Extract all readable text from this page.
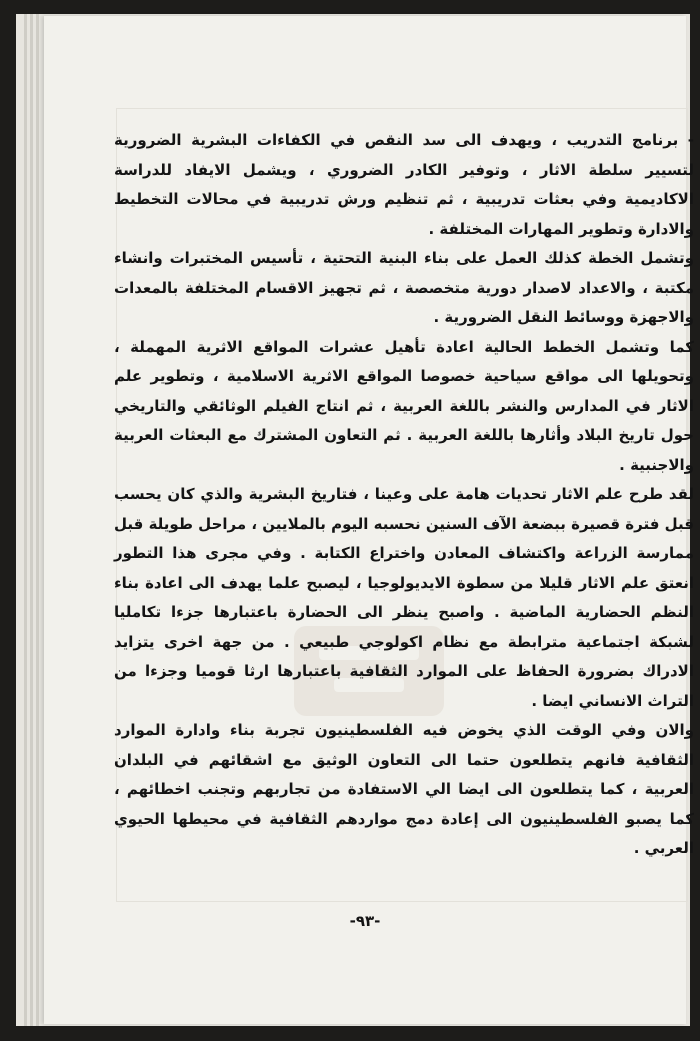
- برنامج التدريب ، ويهدف الى سد النقص في الكفاءات البشرية الضرورية لتسيير سلطة الاثار ، وتوفير الكادر الضروري ، ويشمل الايفاد للدراسة الاكاديمية وفي بعثات تدريبية ، ثم تنظيم ورش تدريبية في محالات التخطيط والادارة وتطوير المهارات المختلفة .

وتشمل الخطة كذلك العمل على بناء البنية التحتية ، تأسيس المختبرات وانشاء مكتبة ، والاعداد لاصدار دورية متخصصة ، ثم تجهيز الاقسام المختلفة بالمعدات والاجهزة ووسائط النقل الضرورية .

كما وتشمل الخطط الحالية اعادة تأهيل عشرات المواقع الاثرية المهملة ، وتحويلها الى مواقع سياحية خصوصا المواقع الاثرية الاسلامية ، وتطوير علم الاثار في المدارس والنشر باللغة العربية ، ثم انتاج الفيلم الوثائقي والتاريخي حول تاريخ البلاد وأثارها باللغة العربية . ثم التعاون المشترك مع البعثات العربية والاجنبية .

لقد طرح علم الاثار تحديات هامة على وعينا ، فتاريخ البشرية والذي كان يحسب قبل فترة قصيرة ببضعة الآف السنين نحسبه اليوم بالملايين ، مراحل طويلة قبل ممارسة الزراعة واكتشاف المعادن واختراع الكتابة . وفي مجرى هذا التطور انعتق علم الاثار قليلا من سطوة الايديولوجيا ، ليصبح علما يهدف الى اعادة بناء النظم الحضارية الماضية . واصبح ينظر الى الحضارة باعتبارها جزءا تكامليا لشبكة اجتماعية مترابطة مع نظام اكولوجي طبيعي . من جهة اخرى يتزايد الادراك بضرورة الحفاظ على الموارد الثقافية باعتبارها ارثا قوميا وجزءا من التراث الانساني ايضا .

والان وفي الوقت الذي يخوض فيه الفلسطينيون تجربة بناء وادارة الموارد الثقافية فانهم يتطلعون حتما الى التعاون الوثيق مع اشقائهم في البلدان العربية ، كما يتطلعون الى ايضا الي الاستفادة من تجاربهم وتجنب اخطائهم ، كما يصبو الفلسطينيون الى إعادة دمج مواردهم الثقافية في محيطها الحيوي العربي .

-٩٣-
